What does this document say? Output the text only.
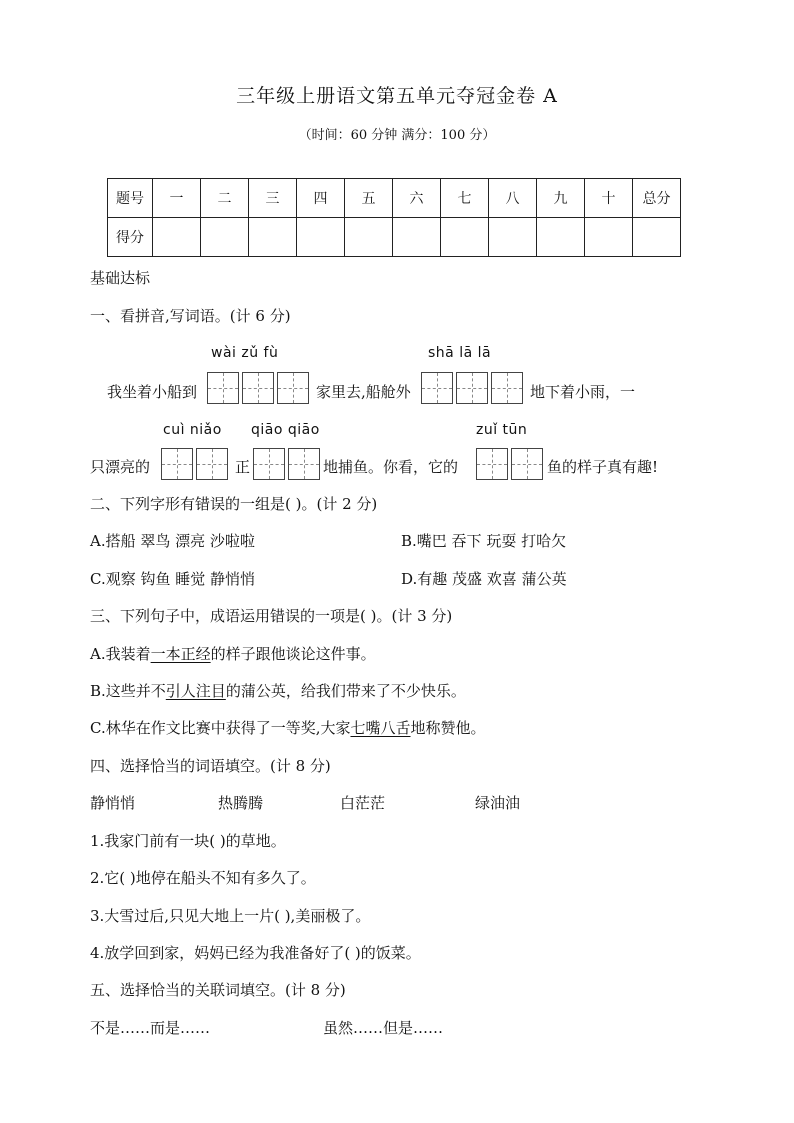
三年级上册语文第五单元夺冠金卷 A
（时间：60 分钟 满分：100 分）
题号	一	二	三	四	五	六	七	八	九	十	总分
得分											
基础达标
一、看拼音,写词语。(计 6 分)
wài zǔ fù	shā lā lā
我坐着小船到	家里去,船舱外	地下着小雨，一
cuì niǎo qiāo qiāo	zuǐ tūn
只漂亮的	正	地捕鱼。你看，它的	鱼的样子真有趣!
二、下列字形有错误的一组是( )。(计 2 分)
A.搭船 翠鸟 漂亮 沙啦啦	B.嘴巴 吞下 玩耍 打哈欠
C.观察 钩鱼 睡觉 静悄悄	D.有趣 茂盛 欢喜 蒲公英
三、下列句子中，成语运用错误的一项是( )。(计 3 分)
A.我装着一本正经的样子跟他谈论这件事。
B.这些并不引人注目的蒲公英，给我们带来了不少快乐。
C.林华在作文比赛中获得了一等奖,大家七嘴八舌地称赞他。
四、选择恰当的词语填空。(计 8 分)
静悄悄	热腾腾	白茫茫	绿油油
1.我家门前有一块( )的草地。
2.它( )地停在船头不知有多久了。
3.大雪过后,只见大地上一片( ),美丽极了。
4.放学回到家，妈妈已经为我准备好了( )的饭菜。
五、选择恰当的关联词填空。(计 8 分)
不是……而是……	虽然……但是……
